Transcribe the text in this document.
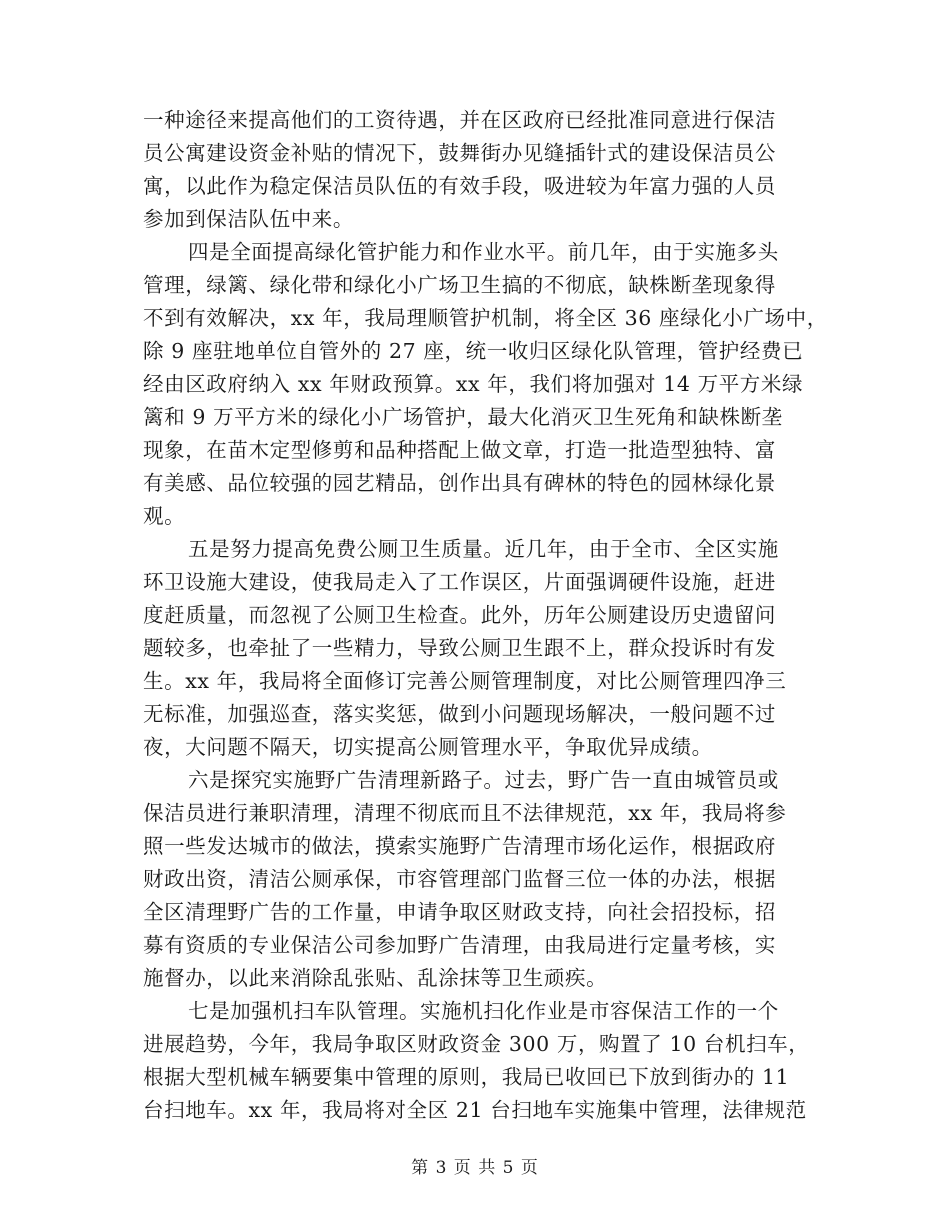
一种途径来提高他们的工资待遇，并在区政府已经批准同意进行保洁
员公寓建设资金补贴的情况下，鼓舞街办见缝插针式的建设保洁员公
寓，以此作为稳定保洁员队伍的有效手段，吸进较为年富力强的人员
参加到保洁队伍中来。
四是全面提高绿化管护能力和作业水平。前几年，由于实施多头
管理，绿篱、绿化带和绿化小广场卫生搞的不彻底，缺株断垄现象得
不到有效解决，xx 年，我局理顺管护机制，将全区 36 座绿化小广场中，
除 9 座驻地单位自管外的 27 座，统一收归区绿化队管理，管护经费已
经由区政府纳入 xx 年财政预算。xx 年，我们将加强对 14 万平方米绿
篱和 9 万平方米的绿化小广场管护，最大化消灭卫生死角和缺株断垄
现象，在苗木定型修剪和品种搭配上做文章，打造一批造型独特、富
有美感、品位较强的园艺精品，创作出具有碑林的特色的园林绿化景
观。
五是努力提高免费公厕卫生质量。近几年，由于全市、全区实施
环卫设施大建设，使我局走入了工作误区，片面强调硬件设施，赶进
度赶质量，而忽视了公厕卫生检查。此外，历年公厕建设历史遗留问
题较多，也牵扯了一些精力，导致公厕卫生跟不上，群众投诉时有发
生。xx 年，我局将全面修订完善公厕管理制度，对比公厕管理四净三
无标准，加强巡查，落实奖惩，做到小问题现场解决，一般问题不过
夜，大问题不隔天，切实提高公厕管理水平，争取优异成绩。
六是探究实施野广告清理新路子。过去，野广告一直由城管员或
保洁员进行兼职清理，清理不彻底而且不法律规范，xx 年，我局将参
照一些发达城市的做法，摸索实施野广告清理市场化运作，根据政府
财政出资，清洁公厕承保，市容管理部门监督三位一体的办法，根据
全区清理野广告的工作量，申请争取区财政支持，向社会招投标，招
募有资质的专业保洁公司参加野广告清理，由我局进行定量考核，实
施督办，以此来消除乱张贴、乱涂抹等卫生顽疾。
七是加强机扫车队管理。实施机扫化作业是市容保洁工作的一个
进展趋势，今年，我局争取区财政资金 300 万，购置了 10 台机扫车，
根据大型机械车辆要集中管理的原则，我局已收回已下放到街办的 11
台扫地车。xx 年，我局将对全区 21 台扫地车实施集中管理，法律规范
第 3 页 共 5 页
